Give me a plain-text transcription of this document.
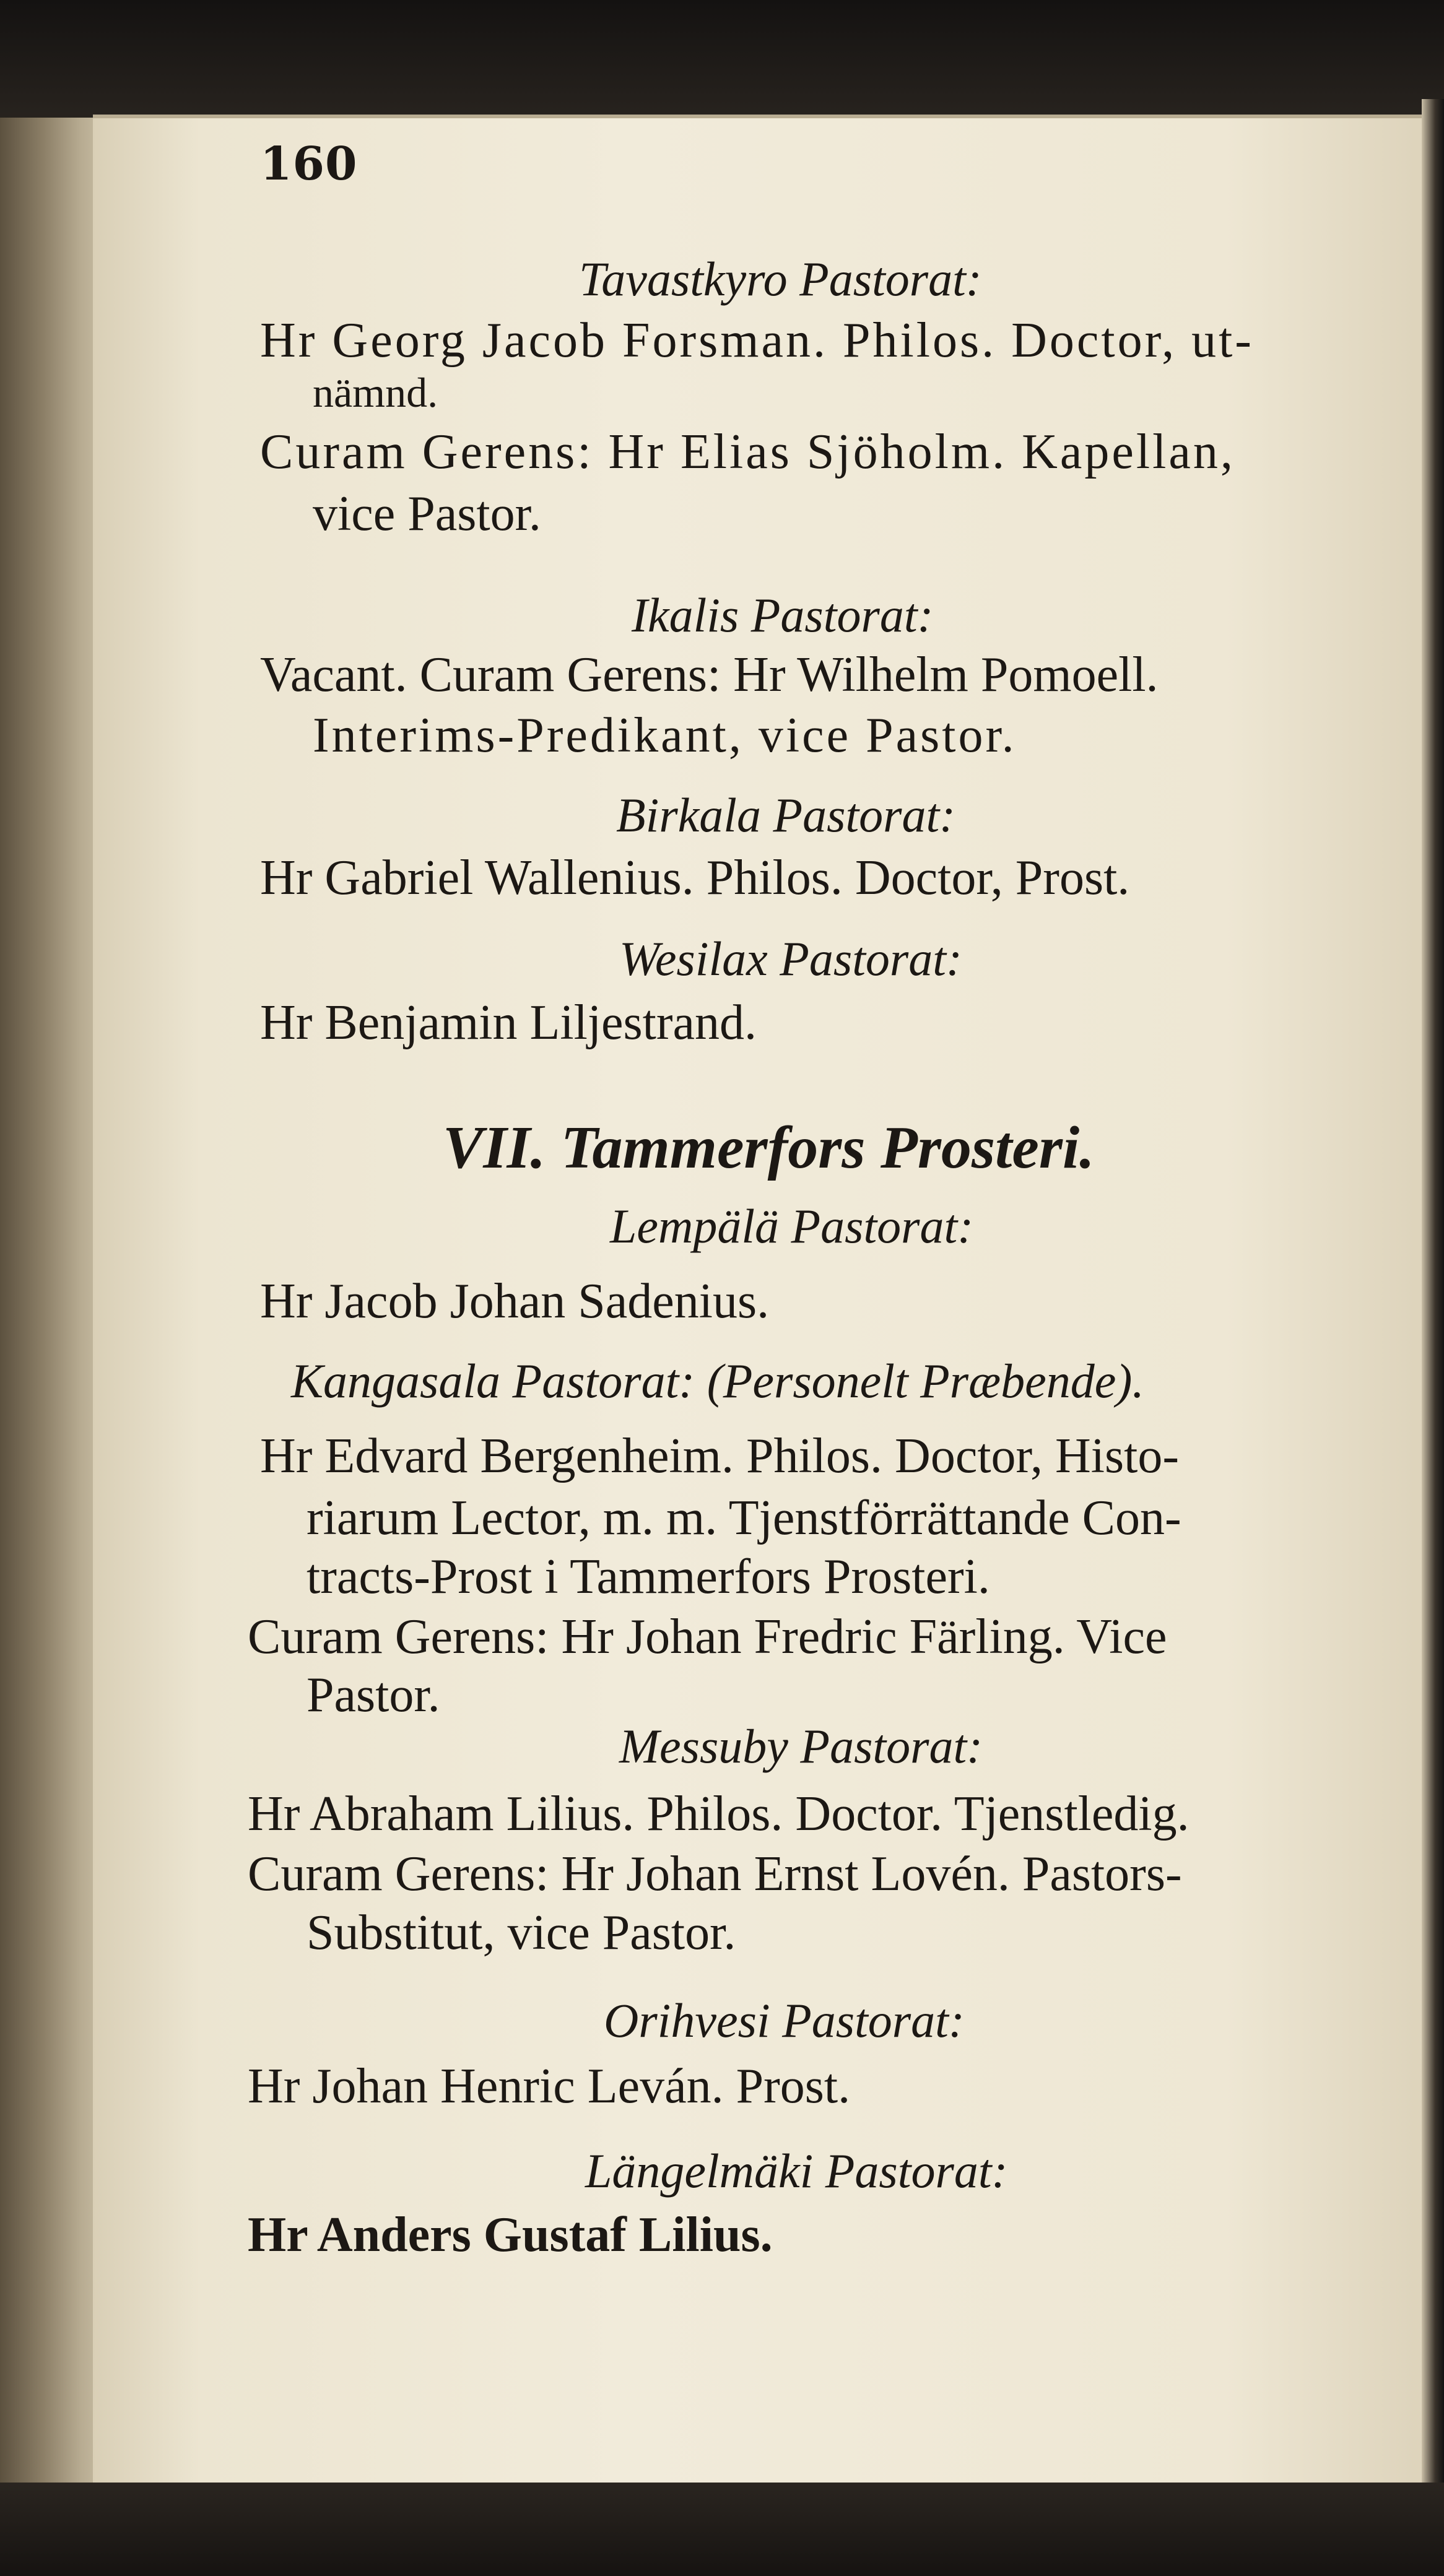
160
Tavastkyro Pastorat:
Hr Georg Jacob Forsman. Philos. Doctor, ut-
nämnd.
Curam Gerens: Hr Elias Sjöholm. Kapellan,
vice Pastor.
Ikalis Pastorat:
Vacant. Curam Gerens: Hr Wilhelm Pomoell.
Interims-Predikant, vice Pastor.
Birkala Pastorat:
Hr Gabriel Wallenius. Philos. Doctor, Prost.
Wesilax Pastorat:
Hr Benjamin Liljestrand.
VII. Tammerfors Prosteri.
Lempälä Pastorat:
Hr Jacob Johan Sadenius.
Kangasala Pastorat: (Personelt Præbende).
Hr Edvard Bergenheim. Philos. Doctor, Histo-
riarum Lector, m. m. Tjenstförrättande Con-
tracts-Prost i Tammerfors Prosteri.
Curam Gerens: Hr Johan Fredric Färling. Vice
Pastor.
Messuby Pastorat:
Hr Abraham Lilius. Philos. Doctor. Tjenstledig.
Curam Gerens: Hr Johan Ernst Lovén. Pastors-
Substitut, vice Pastor.
Orihvesi Pastorat:
Hr Johan Henric Leván. Prost.
Längelmäki Pastorat:
Hr Anders Gustaf Lilius.
